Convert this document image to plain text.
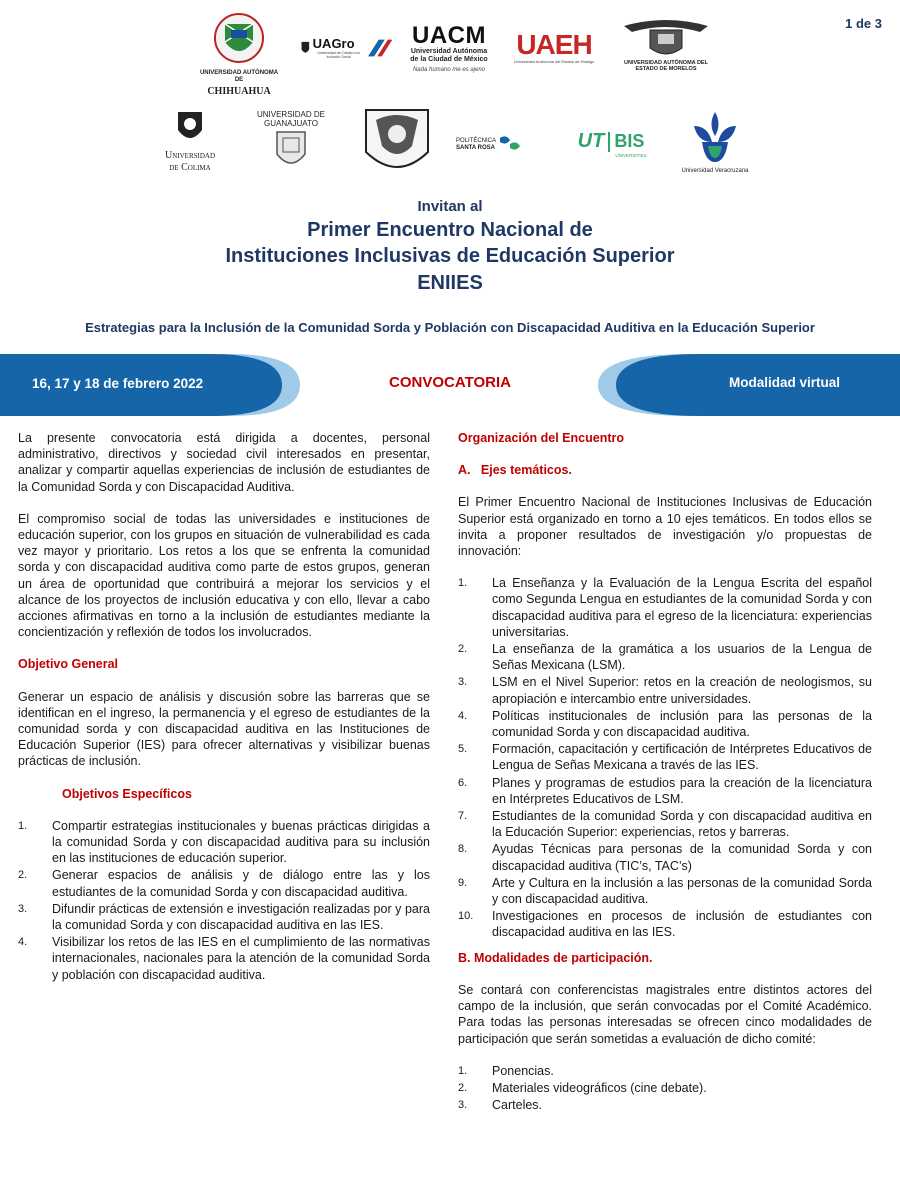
1 de 3
UNIVERSIDAD AUTÓNOMA DE
CHIHUAHUA
UAGro
Universidad de Calidad con Inclusión Social
UACM
Universidad Autónoma
de la Ciudad de México
Nada humano me es ajeno
UAEH
Universidad Autónoma del Estado de Hidalgo	UNIVERSIDAD AUTÓNOMA DEL
ESTADO DE MORELOS
Universidad
de Colima
UNIVERSIDAD DE
GUANAJUATO
POLITÉCNICA
SANTA ROSA	UT BIS
UNIVERSITIES
Universidad Veracruzana
Invitan al
Primer Encuentro Nacional de
Instituciones Inclusivas de Educación Superior
ENIIES
Estrategias para la Inclusión de la Comunidad Sorda y Población con Discapacidad Auditiva en la Educación Superior
16, 17 y 18 de febrero 2022	CONVOCATORIA	Modalidad virtual

La presente convocatoria está dirigida a docentes, personal administrativo, directivos y sociedad civil interesados en presentar, analizar y compartir aquellas experiencias de inclusión de estudiantes de la Comunidad Sorda y con Discapacidad Auditiva.

El compromiso social de todas las universidades e instituciones de educación superior, con los grupos en situación de vulnerabilidad es cada vez mayor y prioritario. Los retos a los que se enfrenta la comunidad sorda y con discapacidad auditiva como parte de estos grupos, generan un área de oportunidad que contribuirá a mejorar los servicios y el alcance de los proyectos de inclusión educativa y con ello, llevar a cabo acciones afirmativas en torno a la inclusión de estudiantes mediante la concientización y reflexión de todos los involucrados.

Objetivo General

Generar un espacio de análisis y discusión sobre las barreras que se identifican en el ingreso, la permanencia y el egreso de estudiantes de la comunidad sorda y con discapacidad auditiva en las Instituciones de Educación Superior (IES) para ofrecer alternativas y visibilizar buenas prácticas de inclusión.

Objetivos Específicos
1.	Compartir estrategias institucionales y buenas prácticas dirigidas a la comunidad Sorda y con discapacidad auditiva para su inclusión en las instituciones de educación superior.
2.	Generar espacios de análisis y de diálogo entre las y los estudiantes de la comunidad Sorda y con discapacidad auditiva.
3.	Difundir prácticas de extensión e investigación realizadas por y para la comunidad Sorda y con discapacidad auditiva en las IES.
4.	Visibilizar los retos de las IES en el cumplimiento de las normativas internacionales, nacionales para la atención de la comunidad Sorda y población con discapacidad auditiva.
Organización del Encuentro
A.   Ejes temáticos.

El Primer Encuentro Nacional de Instituciones Inclusivas de Educación Superior está organizado en torno a 10 ejes temáticos. En todos ellos se invita a proponer resultados de investigación y/o propuestas de innovación:

1.	La Enseñanza y la Evaluación de la Lengua Escrita del español como Segunda Lengua en estudiantes de la comunidad Sorda y con discapacidad auditiva para el egreso de la licenciatura: experiencias universitarias.
2.	La enseñanza de la gramática a los usuarios de la Lengua de Señas Mexicana (LSM).
3.	LSM en el Nivel Superior: retos en la creación de neologismos, su apropiación e intercambio entre universidades.
4.	Políticas institucionales de inclusión para las personas de la comunidad Sorda y con discapacidad auditiva.
5.	Formación, capacitación y certificación de Intérpretes Educativos de Lengua de Señas Mexicana a través de las IES.
6.	Planes y programas de estudios para la creación de la licenciatura en Intérpretes Educativos de LSM.
7.	Estudiantes de la comunidad Sorda y con discapacidad auditiva en la Educación Superior: experiencias, retos y barreras.
8.	Ayudas Técnicas para personas de la comunidad Sorda y con discapacidad auditiva (TIC’s, TAC’s)
9.	Arte y Cultura en la inclusión a las personas de la comunidad Sorda y con discapacidad auditiva.
10.	Investigaciones en procesos de inclusión de estudiantes con discapacidad auditiva en las IES.
B. Modalidades de participación.

Se contará con conferencistas magistrales entre distintos actores del campo de la inclusión, que serán convocadas por el Comité Académico. Para todas las personas interesadas se ofrecen cinco modalidades de participación que serán sometidas a evaluación de dicho comité:

1.	Ponencias.
2.	Materiales videográficos (cine debate).
3.	Carteles.
